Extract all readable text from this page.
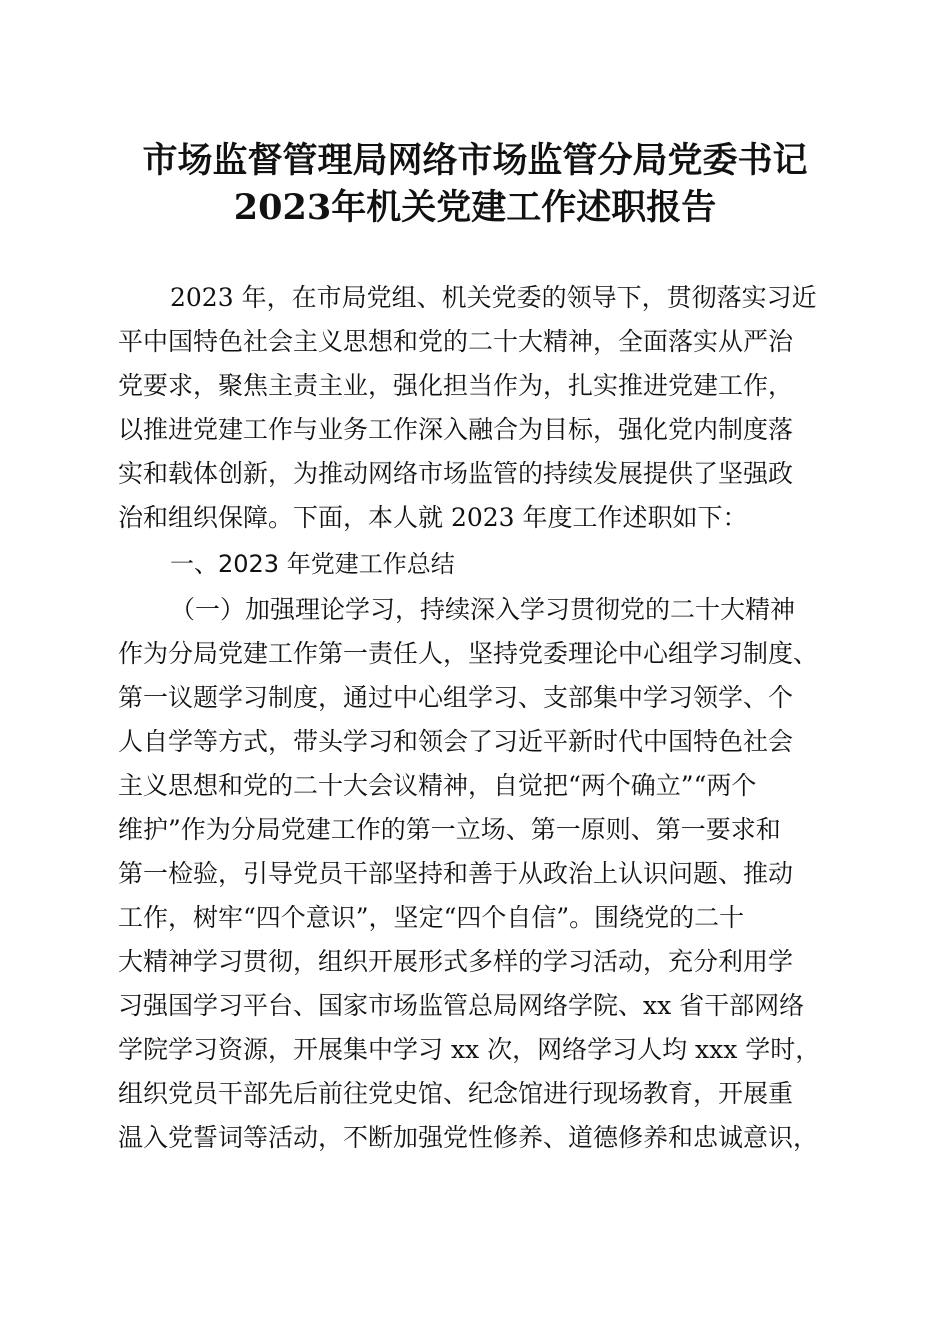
市场监督管理局网络市场监管分局党委书记
2023年机关党建工作述职报告
2023 年，在市局党组、机关党委的领导下，贯彻落实习近
平中国特色社会主义思想和党的二十大精神，全面落实从严治
党要求，聚焦主责主业，强化担当作为，扎实推进党建工作，
以推进党建工作与业务工作深入融合为目标，强化党内制度落
实和载体创新，为推动网络市场监管的持续发展提供了坚强政
治和组织保障。下面，本人就 2023 年度工作述职如下：
一、2023 年党建工作总结
（一）加强理论学习，持续深入学习贯彻党的二十大精神
作为分局党建工作第一责任人，坚持党委理论中心组学习制度、
第一议题学习制度，通过中心组学习、支部集中学习领学、个
人自学等方式，带头学习和领会了习近平新时代中国特色社会
主义思想和党的二十大会议精神，自觉把“两个确立”“两个
维护”作为分局党建工作的第一立场、第一原则、第一要求和
第一检验，引导党员干部坚持和善于从政治上认识问题、推动
工作，树牢“四个意识”，坚定“四个自信”。围绕党的二十
大精神学习贯彻，组织开展形式多样的学习活动，充分利用学
习强国学习平台、国家市场监管总局网络学院、xx 省干部网络
学院学习资源，开展集中学习 xx 次，网络学习人均 xxx 学时，
组织党员干部先后前往党史馆、纪念馆进行现场教育，开展重
温入党誓词等活动，不断加强党性修养、道德修养和忠诚意识，
